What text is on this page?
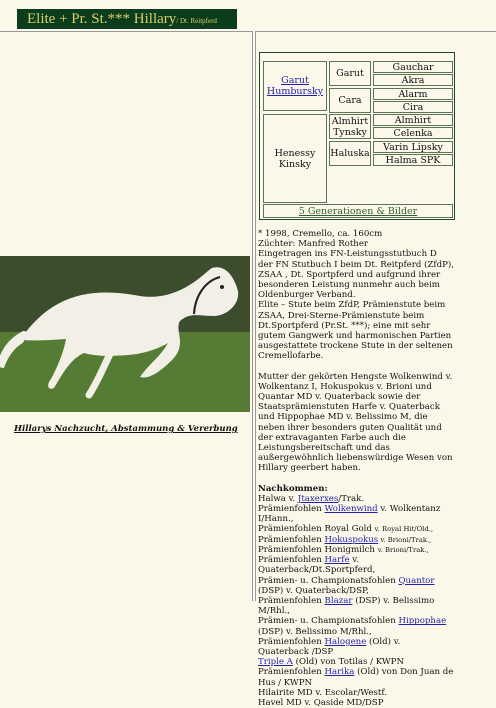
Elite + Pr. St.*** Hillary/ Dt. Reitpferd
Hillarys Nachzucht, Abstammung & Vererbung
Garut Humbursky
Henessy Kinsky
Garut
Cara
Almhirt Tynsky
Haluska
Gauchar
Akra
Alarm
Cira
Almhirt
Celenka
Varin Lipsky
Halma SPK
5 Generationen & Bilder

* 1998, Cremello, ca. 160cm

Züchter: Manfred Rother

Eingetragen ins FN-Leistungsstutbuch D der FN Stutbuch I beim Dt. Reitpferd (ZfdP), ZSAA , Dt. Sportpferd und aufgrund ihrer besonderen Leistung nunmehr auch beim Oldenburger Verband.

Elite – Stute beim ZfdP, Prämienstute beim ZSAA, Drei-Sterne-Prämienstute beim Dt.Sportpferd (Pr.St. ***); eine mit sehr gutem Gangwerk und harmonischen Partien ausgestattete trockene Stute in der seltenen Cremellofarbe.

Mutter der gekörten Hengste Wolkenwind v. Wolkentanz I, Hokuspokus v. Brioni und Quantar MD v. Quaterback sowie der Staatsprämienstuten Harfe v. Quaterback und Hippophae MD v. Belissimo M, die neben ihrer besonders guten Qualität und der extravaganten Farbe auch die Leistungsbereitschaft und das außergewöhnlich liebenswürdige Wesen von Hillary geerbert haben.

Nachkommen:
Halwa v. Jtaxerxes/Trak.
Prämienfohlen Wolkenwind v. Wolkentanz I/Hann.,
Prämienfohlen Royal Gold v. Royal Hit/Old.,
Prämienfohlen Hokuspokus v. Brioni/Trak.,
Prämienfohlen Honigmilch v. Brioni/Trak.,
Prämienfohlen Harfe v. Quaterback/Dt.Sportpferd,
Prämien- u. Championatsfohlen Quantor (DSP) v. Quaterback/DSP,
Prämienfohlen Blazar (DSP) v. Belissimo M/Rhl.,
Prämien- u. Championatsfohlen Hippophae (DSP) v. Belissimo M/Rhl.,
Prämienfohlen Halogene (Old) v. Quaterback /DSP
Triple A (Old) von Totilas / KWPN
Prämienfohlen Harika (Old) von Don Juan de Hus / KWPN
Hilairite MD v. Escolar/Westf.
Havel MD v. Qaside MD/DSP
